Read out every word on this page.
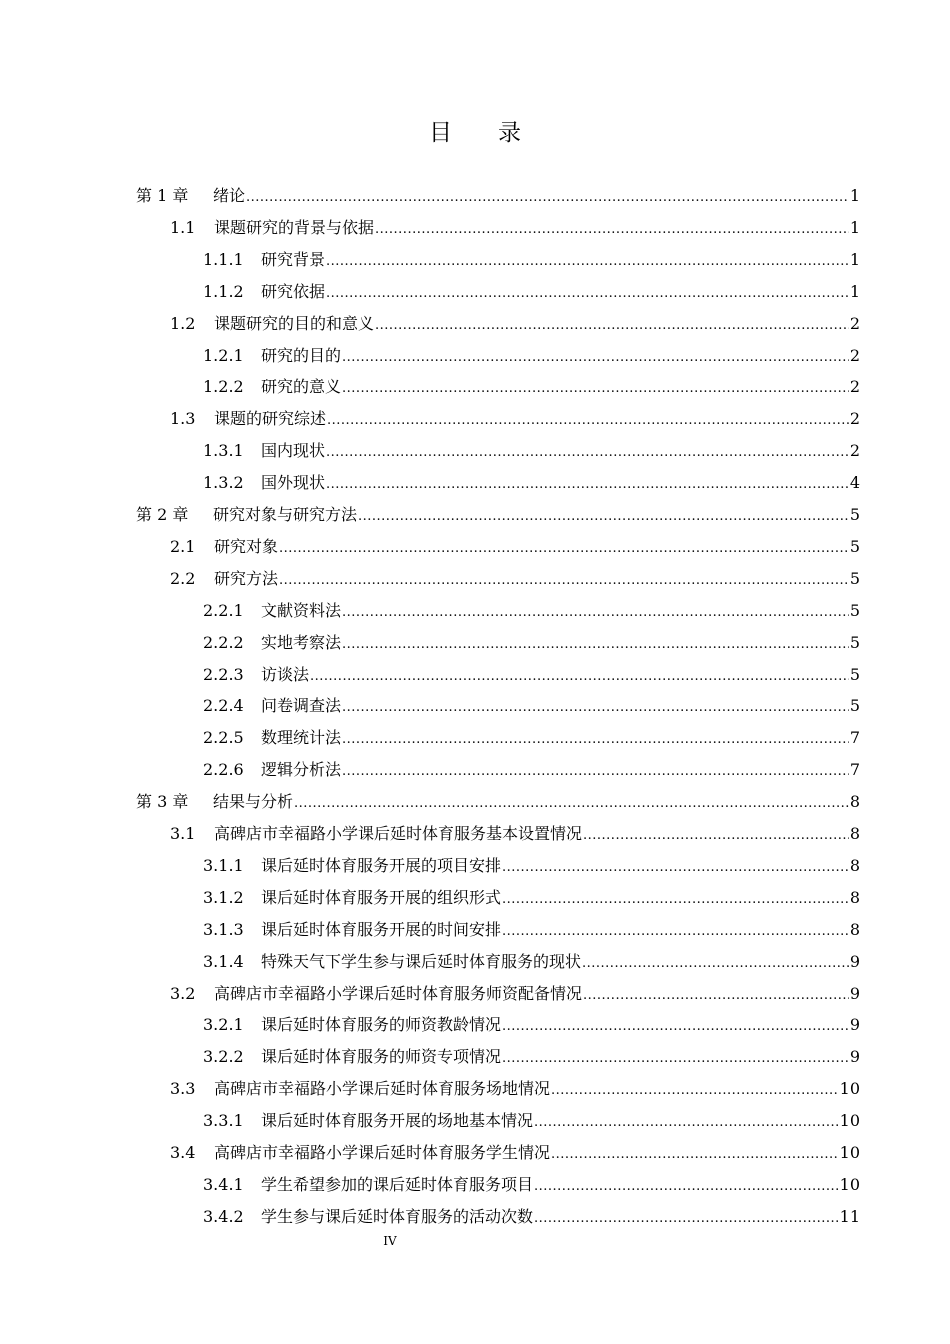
目　　录
第 1 章	绪论 .....	1
1.1	课题研究的背景与依据 .....	1
1.1.1	研究背景 .....	1
1.1.2	研究依据 .....	1
1.2	课题研究的目的和意义 .....	2
1.2.1	研究的目的 .....	2
1.2.2	研究的意义 .....	2
1.3	课题的研究综述 .....	2
1.3.1	国内现状 .....	2
1.3.2	国外现状 .....	4
第 2 章	研究对象与研究方法 .....	5
2.1	研究对象 .....	5
2.2	研究方法 .....	5
2.2.1	文献资料法 .....	5
2.2.2	实地考察法 .....	5
2.2.3	访谈法 .....	5
2.2.4	问卷调查法 .....	5
2.2.5	数理统计法 .....	7
2.2.6	逻辑分析法 .....	7
第 3 章	结果与分析 .....	8
3.1	高碑店市幸福路小学课后延时体育服务基本设置情况 .....	8
3.1.1	课后延时体育服务开展的项目安排 .....	8
3.1.2	课后延时体育服务开展的组织形式 .....	8
3.1.3	课后延时体育服务开展的时间安排 .....	8
3.1.4	特殊天气下学生参与课后延时体育服务的现状 .....	9
3.2	高碑店市幸福路小学课后延时体育服务师资配备情况 .....	9
3.2.1	课后延时体育服务的师资教龄情况 .....	9
3.2.2	课后延时体育服务的师资专项情况 .....	9
3.3	高碑店市幸福路小学课后延时体育服务场地情况 .....	10
3.3.1	课后延时体育服务开展的场地基本情况 .....	10
3.4	高碑店市幸福路小学课后延时体育服务学生情况 .....	10
3.4.1	学生希望参加的课后延时体育服务项目 .....	10
3.4.2	学生参与课后延时体育服务的活动次数 .....	11
IV
